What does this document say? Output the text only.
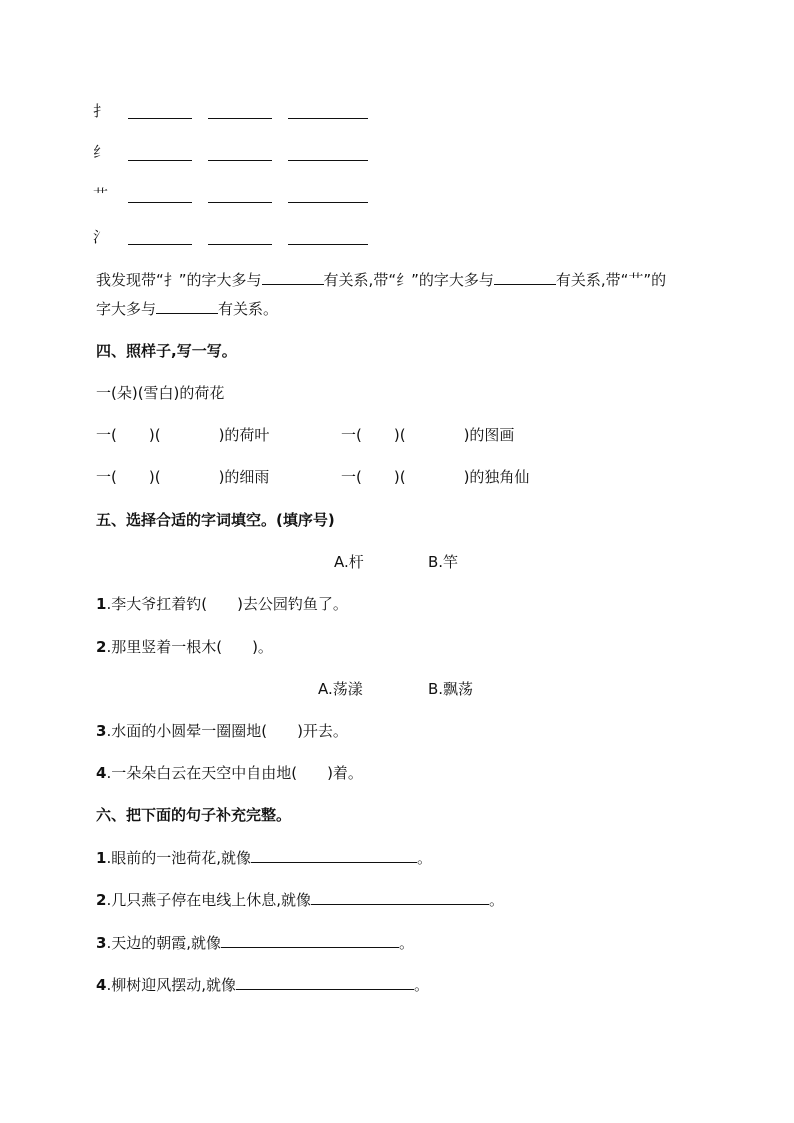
扌
纟
艹
氵
我发现带“扌”的字大多与	有关系,带“纟”的字大多与	有关系,带“艹”的
字大多与	有关系。
四、照样子,写一写。
一(朵)(雪白)的荷花
一( )(	)的荷叶	一( )(	)的图画
一( )(	)的细雨	一( )(	)的独角仙
五、选择合适的字词填空。(填序号)
A.杆	B.竿
1.李大爷扛着钓( )去公园钓鱼了。
2.那里竖着一根木( )。
A.荡漾	B.飘荡
3.水面的小圆晕一圈圈地( )开去。
4.一朵朵白云在天空中自由地( )着。
六、把下面的句子补充完整。
1.眼前的一池荷花,就像	。
2.几只燕子停在电线上休息,就像	。
3.天边的朝霞,就像	。
4.柳树迎风摆动,就像	。
